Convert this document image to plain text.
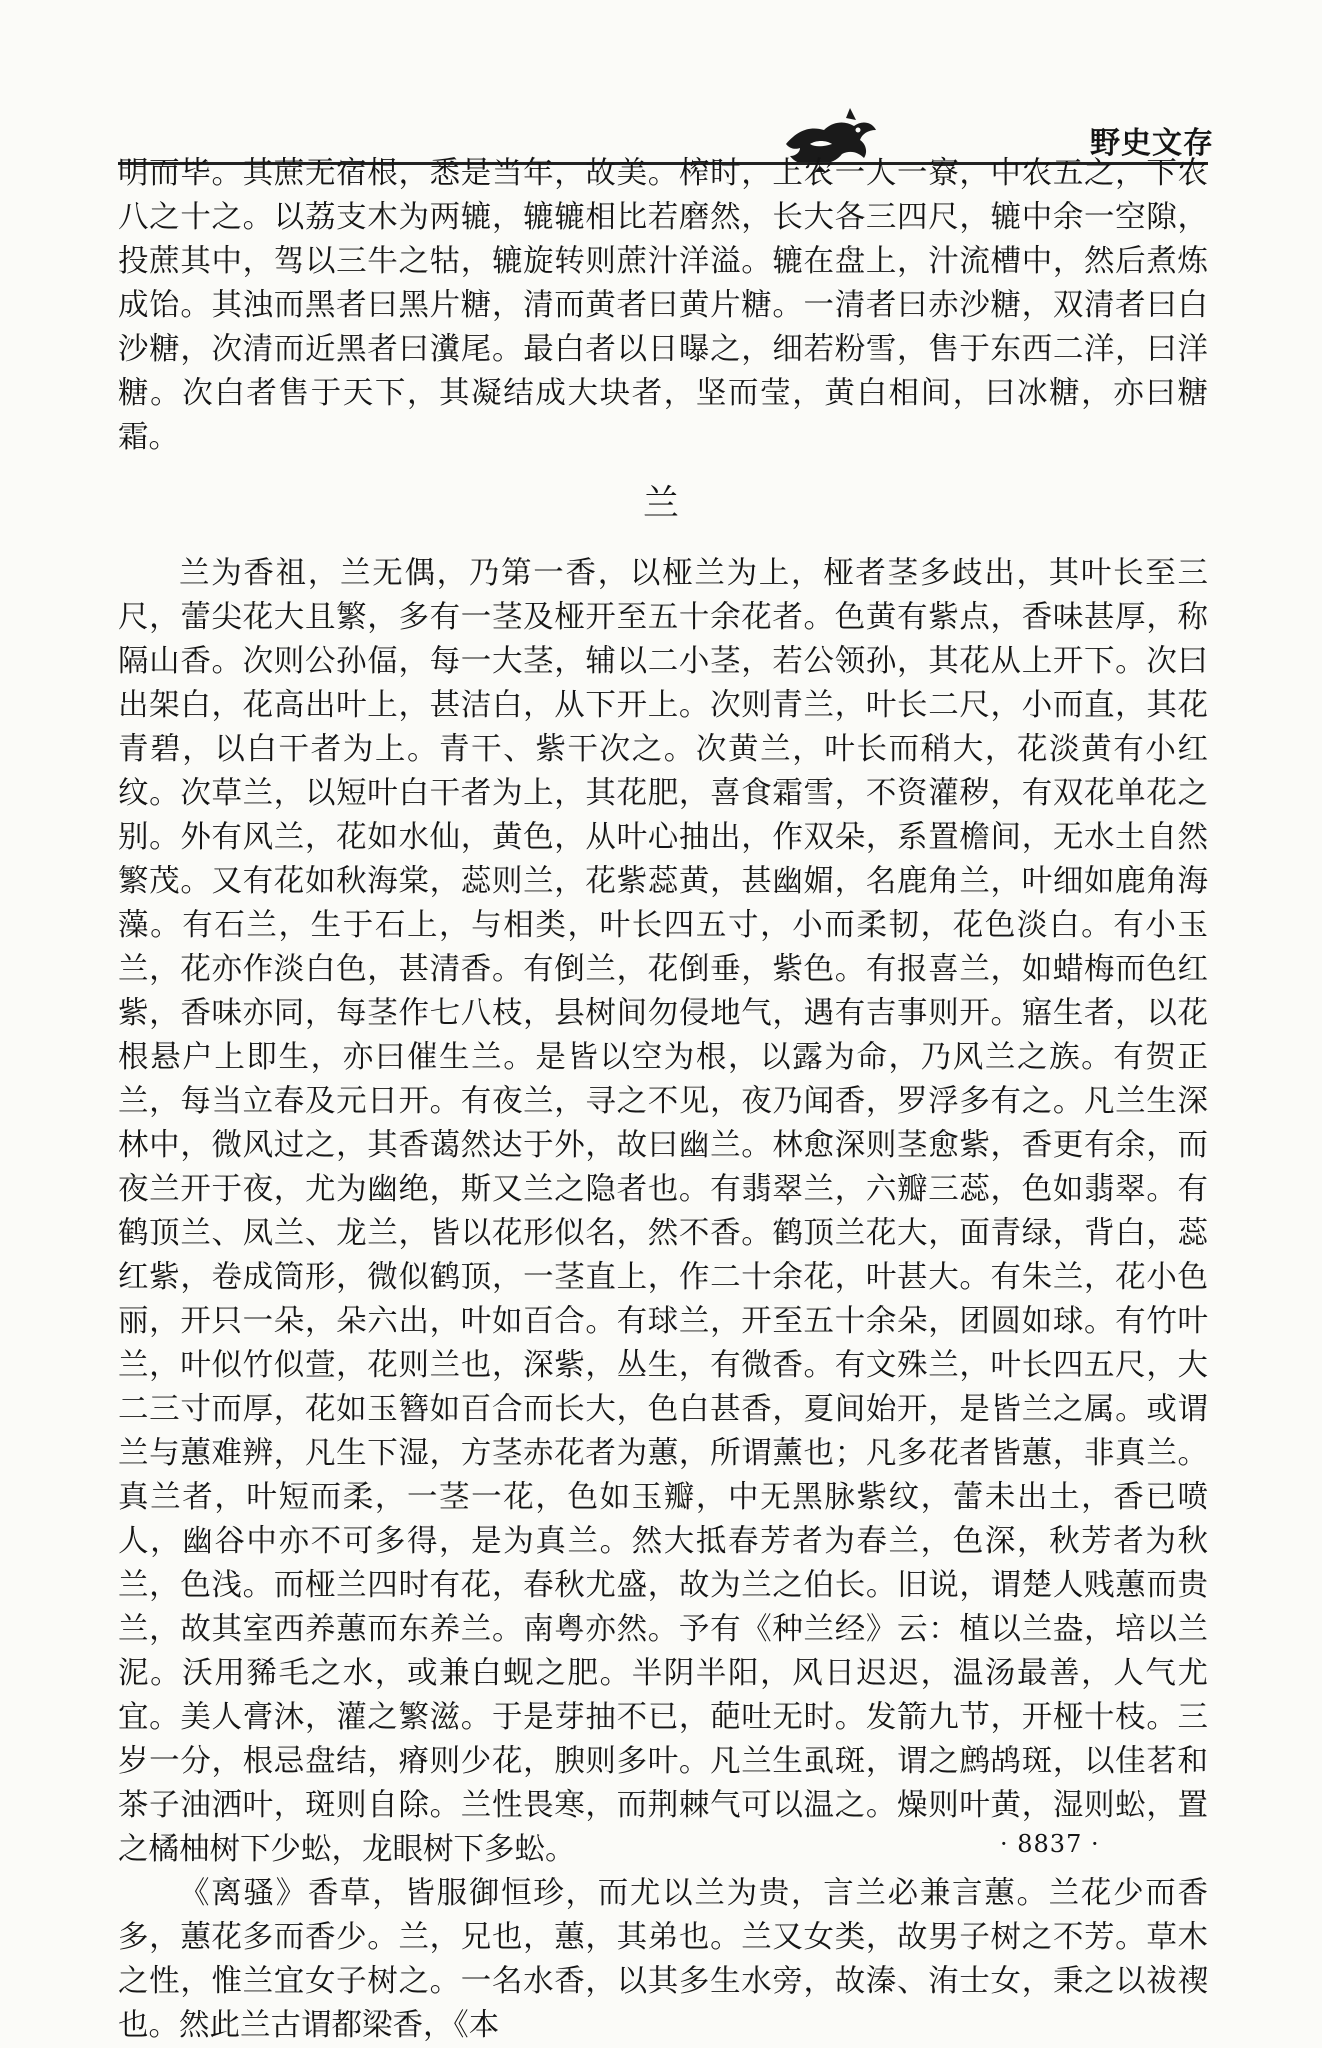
野史文存

明而毕。其蔗无宿根，悉是当年，故美。榨时，上农一人一寮，中农五之，下农八之十之。以荔支木为两辘，辘辘相比若磨然，长大各三四尺，辘中余一空隙，投蔗其中，驾以三牛之牯，辘旋转则蔗汁洋溢。辘在盘上，汁流槽中，然后煮炼成饴。其浊而黑者曰黑片糖，清而黄者曰黄片糖。一清者曰赤沙糖，双清者曰白沙糖，次清而近黑者曰瀵尾。最白者以日曝之，细若粉雪，售于东西二洋，曰洋糖。次白者售于天下，其凝结成大块者，坚而莹，黄白相间，曰冰糖，亦曰糖霜。

兰

兰为香祖，兰无偶，乃第一香，以桠兰为上，桠者茎多歧出，其叶长至三尺，蕾尖花大且繁，多有一茎及桠开至五十余花者。色黄有紫点，香味甚厚，称隔山香。次则公孙偪，每一大茎，辅以二小茎，若公领孙，其花从上开下。次曰出架白，花高出叶上，甚洁白，从下开上。次则青兰，叶长二尺，小而直，其花青碧，以白干者为上。青干、紫干次之。次黄兰，叶长而稍大，花淡黄有小红纹。次草兰，以短叶白干者为上，其花肥，喜食霜雪，不资灌秽，有双花单花之别。外有风兰，花如水仙，黄色，从叶心抽出，作双朵，系置檐间，无水土自然繁茂。又有花如秋海棠，蕊则兰，花紫蕊黄，甚幽媚，名鹿角兰，叶细如鹿角海藻。有石兰，生于石上，与相类，叶长四五寸，小而柔韧，花色淡白。有小玉兰，花亦作淡白色，甚清香。有倒兰，花倒垂，紫色。有报喜兰，如蜡梅而色红紫，香味亦同，每茎作七八枝，县树间勿侵地气，遇有吉事则开。寤生者，以花根悬户上即生，亦曰催生兰。是皆以空为根，以露为命，乃风兰之族。有贺正兰，每当立春及元日开。有夜兰，寻之不见，夜乃闻香，罗浮多有之。凡兰生深林中，微风过之，其香蔼然达于外，故曰幽兰。林愈深则茎愈紫，香更有余，而夜兰开于夜，尤为幽绝，斯又兰之隐者也。有翡翠兰，六瓣三蕊，色如翡翠。有鹤顶兰、凤兰、龙兰，皆以花形似名，然不香。鹤顶兰花大，面青绿，背白，蕊红紫，卷成筒形，微似鹤顶，一茎直上，作二十余花，叶甚大。有朱兰，花小色丽，开只一朵，朵六出，叶如百合。有球兰，开至五十余朵，团圆如球。有竹叶兰，叶似竹似萱，花则兰也，深紫，丛生，有微香。有文殊兰，叶长四五尺，大二三寸而厚，花如玉簪如百合而长大，色白甚香，夏间始开，是皆兰之属。或谓兰与蕙难辨，凡生下湿，方茎赤花者为蕙，所谓薰也；凡多花者皆蕙，非真兰。真兰者，叶短而柔，一茎一花，色如玉瓣，中无黑脉紫纹，蕾未出土，香已喷人，幽谷中亦不可多得，是为真兰。然大抵春芳者为春兰，色深，秋芳者为秋兰，色浅。而桠兰四时有花，春秋尤盛，故为兰之伯长。旧说，谓楚人贱蕙而贵兰，故其室西养蕙而东养兰。南粤亦然。予有《种兰经》云：植以兰盎，培以兰泥。沃用豨毛之水，或兼白蚬之肥。半阴半阳，风日迟迟，温汤最善，人气尤宜。美人膏沐，灌之繁滋。于是芽抽不已，葩吐无时。发箭九节，开桠十枝。三岁一分，根忌盘结，瘠则少花，腴则多叶。凡兰生虱斑，谓之鹧鸪斑，以佳茗和茶子油洒叶，斑则自除。兰性畏寒，而荆棘气可以温之。燥则叶黄，湿则蚣，置之橘柚树下少蚣，龙眼树下多蚣。

《离骚》香草，皆服御恒珍，而尤以兰为贵，言兰必兼言蕙。兰花少而香多，蕙花多而香少。兰，兄也，蕙，其弟也。兰又女类，故男子树之不芳。草木之性，惟兰宜女子树之。一名水香，以其多生水旁，故溱、洧士女，秉之以祓禊也。然此兰古谓都梁香，《本

· 8837 ·
